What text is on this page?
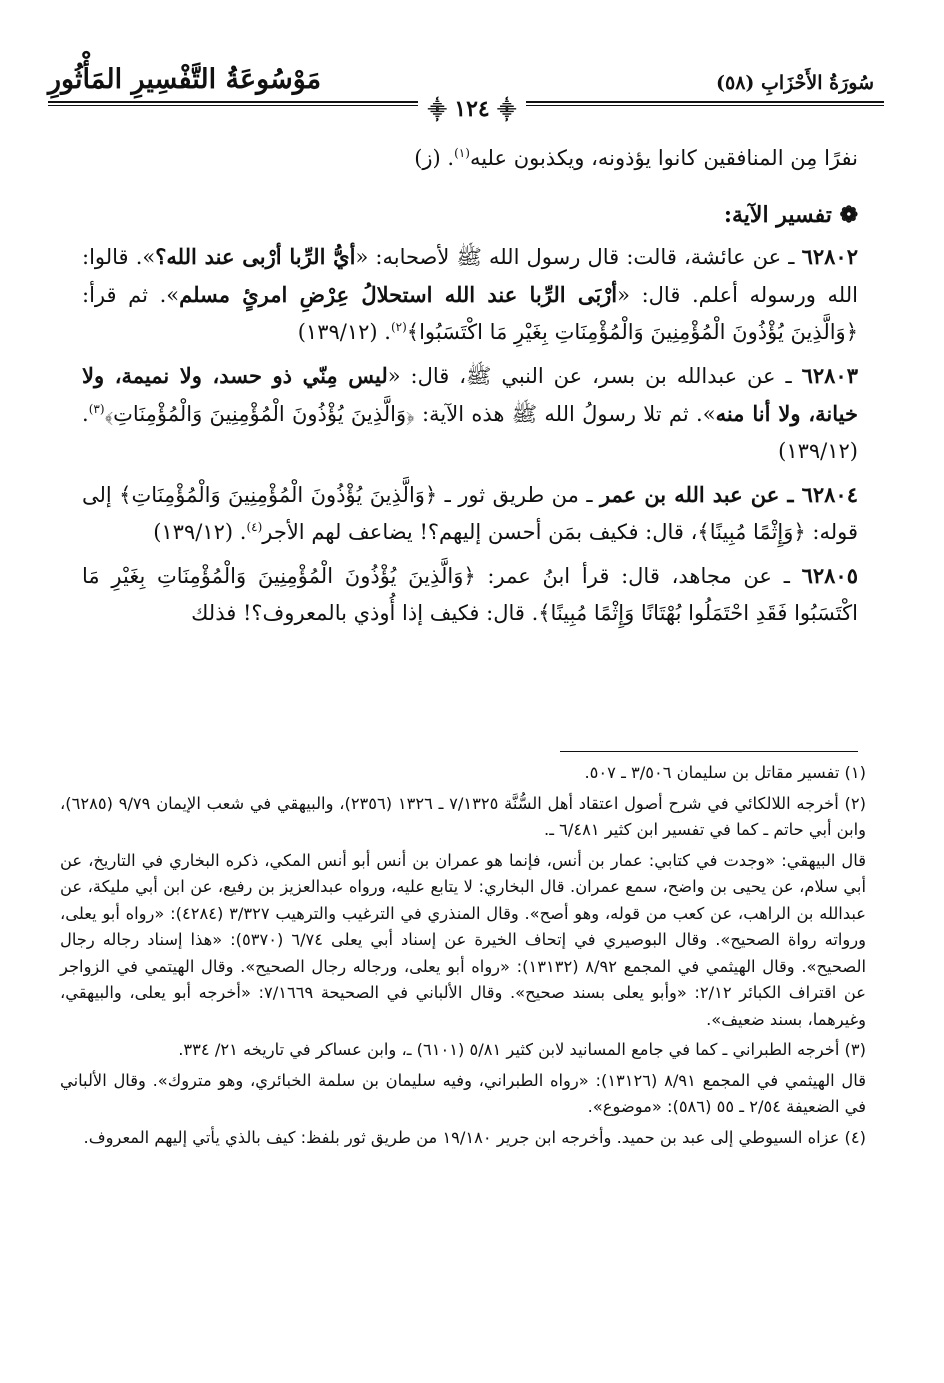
مَوْسُوعَةُ التَّفْسِيرِ المَأْثُورِ	سُورَةُ الأَحْزَابِ (٥٨)
⸎ ١٢٤ ⸎

نفرًا مِن المنافقين كانوا يؤذونه، ويكذبون عليه$^{(١)}$. (ز)

❁ تفسير الآية:

٦٢٨٠٢ ـ عن عائشة، قالت: قال رسول الله ﷺ لأصحابه: «أيُّ الرِّبا أرْبى عند الله؟». قالوا: الله ورسوله أعلم. قال: «أرْبَى الرِّبا عند الله استحلالُ عِرْضِ امرئٍ مسلم». ثم قرأ: ﴿وَالَّذِينَ يُؤْذُونَ الْمُؤْمِنِينَ وَالْمُؤْمِنَاتِ بِغَيْرِ مَا اكْتَسَبُوا﴾$^{(٢)}$. (١٣٩/١٢)

٦٢٨٠٣ ـ عن عبدالله بن بسر، عن النبي ﷺ، قال: «ليس مِنّي ذو حسد، ولا نميمة، ولا خيانة، ولا أنا منه». ثم تلا رسولُ الله ﷺ هذه الآية: ﴿وَالَّذِينَ يُؤْذُونَ الْمُؤْمِنِينَ وَالْمُؤْمِنَاتِ﴾$^{(٣)}$. (١٣٩/١٢)

٦٢٨٠٤ ـ عن عبد الله بن عمر ـ من طريق ثور ـ ﴿وَالَّذِينَ يُؤْذُونَ الْمُؤْمِنِينَ وَالْمُؤْمِنَاتِ﴾ إلى قوله: ﴿وَإِثْمًا مُبِينًا﴾، قال: فكيف بمَن أحسن إليهم؟! يضاعف لهم الأجر$^{(٤)}$. (١٣٩/١٢)

٦٢٨٠٥ ـ عن مجاهد، قال: قرأ ابنُ عمر: ﴿وَالَّذِينَ يُؤْذُونَ الْمُؤْمِنِينَ وَالْمُؤْمِنَاتِ بِغَيْرِ مَا اكْتَسَبُوا فَقَدِ احْتَمَلُوا بُهْتَانًا وَإِثْمًا مُبِينًا﴾. قال: فكيف إذا أُوذي بالمعروف؟! فذلك

(١) تفسير مقاتل بن سليمان ٣/٥٠٦ ـ ٥٠٧.

(٢) أخرجه اللالكائي في شرح أصول اعتقاد أهل السُّنَّة ٧/١٣٢٥ ـ ١٣٢٦ (٢٣٥٦)، والبيهقي في شعب الإيمان ٩/٧٩ (٦٢٨٥)، وابن أبي حاتم ـ كما في تفسير ابن كثير ٦/٤٨١ ـ.

قال البيهقي: «وجدت في كتابي: عمار بن أنس، فإنما هو عمران بن أنس أبو أنس المكي، ذكره البخاري في التاريخ، عن أبي سلام، عن يحيى بن واضح، سمع عمران. قال البخاري: لا يتابع عليه، ورواه عبدالعزيز بن رفيع، عن ابن أبي مليكة، عن عبدالله بن الراهب، عن كعب من قوله، وهو أصح». وقال المنذري في الترغيب والترهيب ٣/٣٢٧ (٤٢٨٤): «رواه أبو يعلى، ورواته رواة الصحيح». وقال البوصيري في إتحاف الخيرة عن إسناد أبي يعلى ٦/٧٤ (٥٣٧٠): «هذا إسناد رجاله رجال الصحيح». وقال الهيثمي في المجمع ٨/٩٢ (١٣١٣٢): «رواه أبو يعلى، ورجاله رجال الصحيح». وقال الهيتمي في الزواجر عن اقتراف الكبائر ٢/١٢: «وأبو يعلى بسند صحيح». وقال الألباني في الصحيحة ٧/١٦٦٩: «أخرجه أبو يعلى، والبيهقي، وغيرهما، بسند ضعيف».

(٣) أخرجه الطبراني ـ كما في جامع المسانيد لابن كثير ٥/٨١ (٦١٠١) ـ، وابن عساكر في تاريخه ٢١/ ٣٣٤.

قال الهيثمي في المجمع ٨/٩١ (١٣١٢٦): «رواه الطبراني، وفيه سليمان بن سلمة الخبائري، وهو متروك». وقال الألباني في الضعيفة ٢/٥٤ ـ ٥٥ (٥٨٦): «موضوع».

(٤) عزاه السيوطي إلى عبد بن حميد. وأخرجه ابن جرير ١٩/١٨٠ من طريق ثور بلفظ: كيف بالذي يأتي إليهم المعروف.
